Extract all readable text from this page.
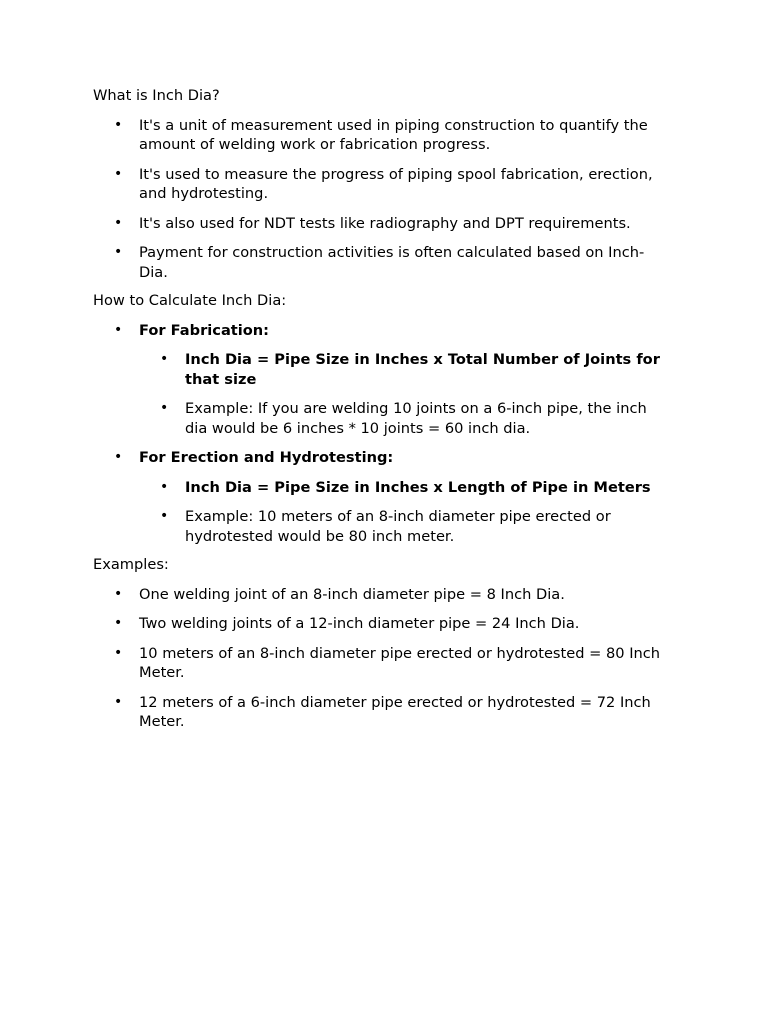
What is Inch Dia?

• It's a unit of measurement used in piping construction to quantify the amount of welding work or fabrication progress.
• It's used to measure the progress of piping spool fabrication, erection, and hydrotesting.
• It's also used for NDT tests like radiography and DPT requirements.
• Payment for construction activities is often calculated based on Inch-Dia.

How to Calculate Inch Dia:

• For Fabrication:
• Inch Dia = Pipe Size in Inches x Total Number of Joints for that size
• Example: If you are welding 10 joints on a 6-inch pipe, the inch dia would be 6 inches * 10 joints = 60 inch dia.
• For Erection and Hydrotesting:
• Inch Dia = Pipe Size in Inches x Length of Pipe in Meters
• Example: 10 meters of an 8-inch diameter pipe erected or hydrotested would be 80 inch meter.

Examples:

• One welding joint of an 8-inch diameter pipe = 8 Inch Dia.
• Two welding joints of a 12-inch diameter pipe = 24 Inch Dia.
• 10 meters of an 8-inch diameter pipe erected or hydrotested = 80 Inch Meter.
• 12 meters of a 6-inch diameter pipe erected or hydrotested = 72 Inch Meter.
